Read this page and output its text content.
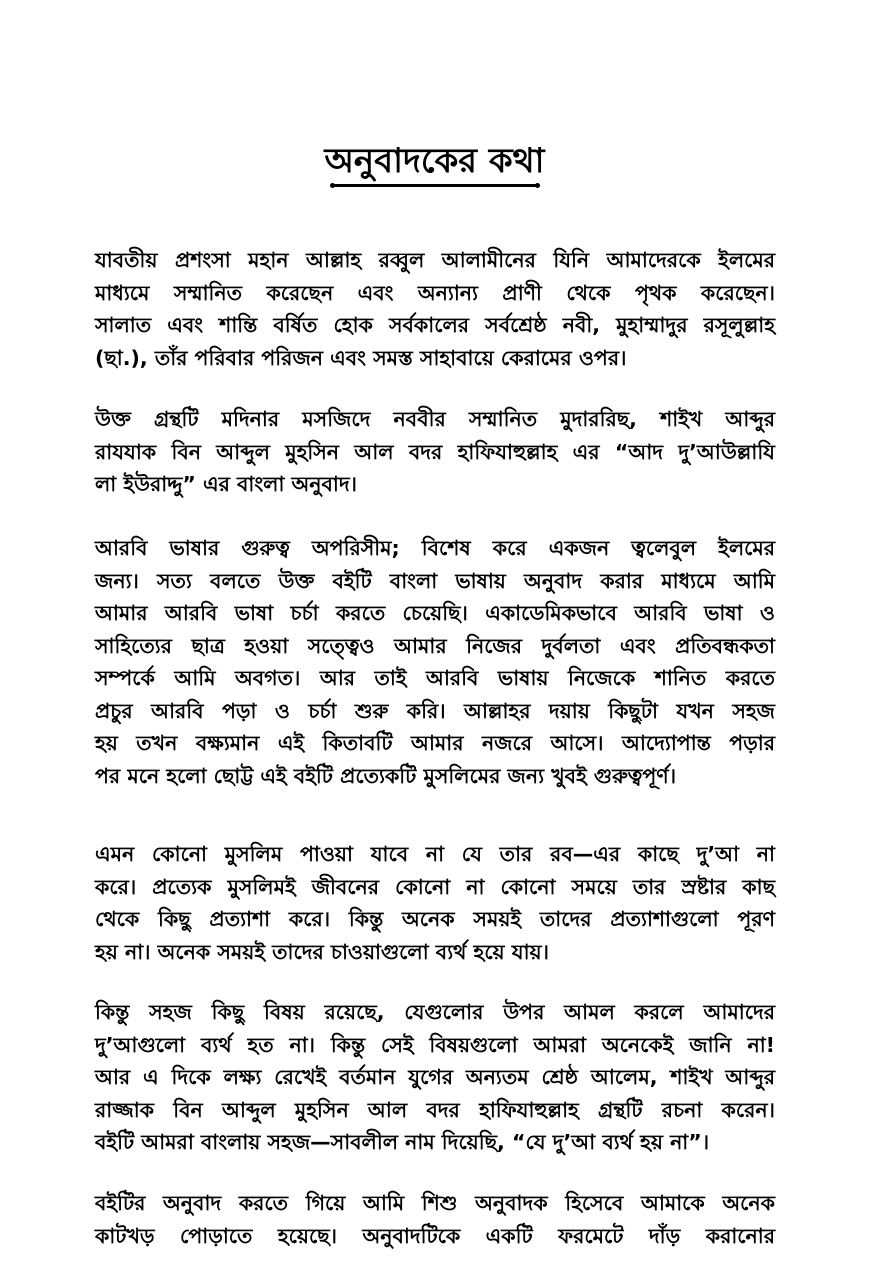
অনুবাদকের কথা

যাবতীয় প্রশংসা মহান আল্লাহ রব্বুল আলামীনের যিনি আমাদেরকে ইলমের
মাধ্যমে সম্মানিত করেছেন এবং অন্যান্য প্রাণী থেকে পৃথক করেছেন।
সালাত এবং শান্তি বর্ষিত হোক সর্বকালের সর্বশ্রেষ্ঠ নবী, মুহাম্মাদুর রসূলুল্লাহ
(ছা.), তাঁর পরিবার পরিজন এবং সমস্ত সাহাবায়ে কেরামের ওপর।

উক্ত গ্রন্থটি মদিনার মসজিদে নববীর সম্মানিত মুদাররিছ, শাইখ আব্দুর
রাযযাক বিন আব্দুল মুহসিন আল বদর হাফিযাহুল্লাহ এর “আদ দু’আউল্লাযি
লা ইউরাদ্দু” এর বাংলা অনুবাদ।

আরবি ভাষার গুরুত্ব অপরিসীম; বিশেষ করে একজন ত্বলেবুল ইলমের
জন্য। সত্য বলতে উক্ত বইটি বাংলা ভাষায় অনুবাদ করার মাধ্যমে আমি
আমার আরবি ভাষা চর্চা করতে চেয়েছি। একাডেমিকভাবে আরবি ভাষা ও
সাহিত্যের ছাত্র হওয়া সত্ত্বেও আমার নিজের দুর্বলতা এবং প্রতিবন্ধকতা
সম্পর্কে আমি অবগত। আর তাই আরবি ভাষায় নিজেকে শানিত করতে
প্রচুর আরবি পড়া ও চর্চা শুরু করি। আল্লাহর দয়ায় কিছুটা যখন সহজ
হয় তখন বক্ষ্যমান এই কিতাবটি আমার নজরে আসে। আদ্যোপান্ত পড়ার
পর মনে হলো ছোট্ট এই বইটি প্রত্যেকটি মুসলিমের জন্য খুবই গুরুত্বপূর্ণ।

এমন কোনো মুসলিম পাওয়া যাবে না যে তার রব—এর কাছে দু’আ না
করে। প্রত্যেক মুসলিমই জীবনের কোনো না কোনো সময়ে তার স্রষ্টার কাছ
থেকে কিছু প্রত্যাশা করে। কিন্তু অনেক সময়ই তাদের প্রত্যাশাগুলো পূরণ
হয় না। অনেক সময়ই তাদের চাওয়াগুলো ব্যর্থ হয়ে যায়।

কিন্তু সহজ কিছু বিষয় রয়েছে, যেগুলোর উপর আমল করলে আমাদের
দু’আগুলো ব্যর্থ হত না। কিন্তু সেই বিষয়গুলো আমরা অনেকেই জানি না!
আর এ দিকে লক্ষ্য রেখেই বর্তমান যুগের অন্যতম শ্রেষ্ঠ আলেম, শাইখ আব্দুর
রাজ্জাক বিন আব্দুল মুহসিন আল বদর হাফিযাহুল্লাহ গ্রন্থটি রচনা করেন।
বইটি আমরা বাংলায় সহজ—সাবলীল নাম দিয়েছি, “যে দু’আ ব্যর্থ হয় না”।

বইটির অনুবাদ করতে গিয়ে আমি শিশু অনুবাদক হিসেবে আমাকে অনেক
কাটখড় পোড়াতে হয়েছে। অনুবাদটিকে একটি ফরমেটে দাঁড় করানোর
